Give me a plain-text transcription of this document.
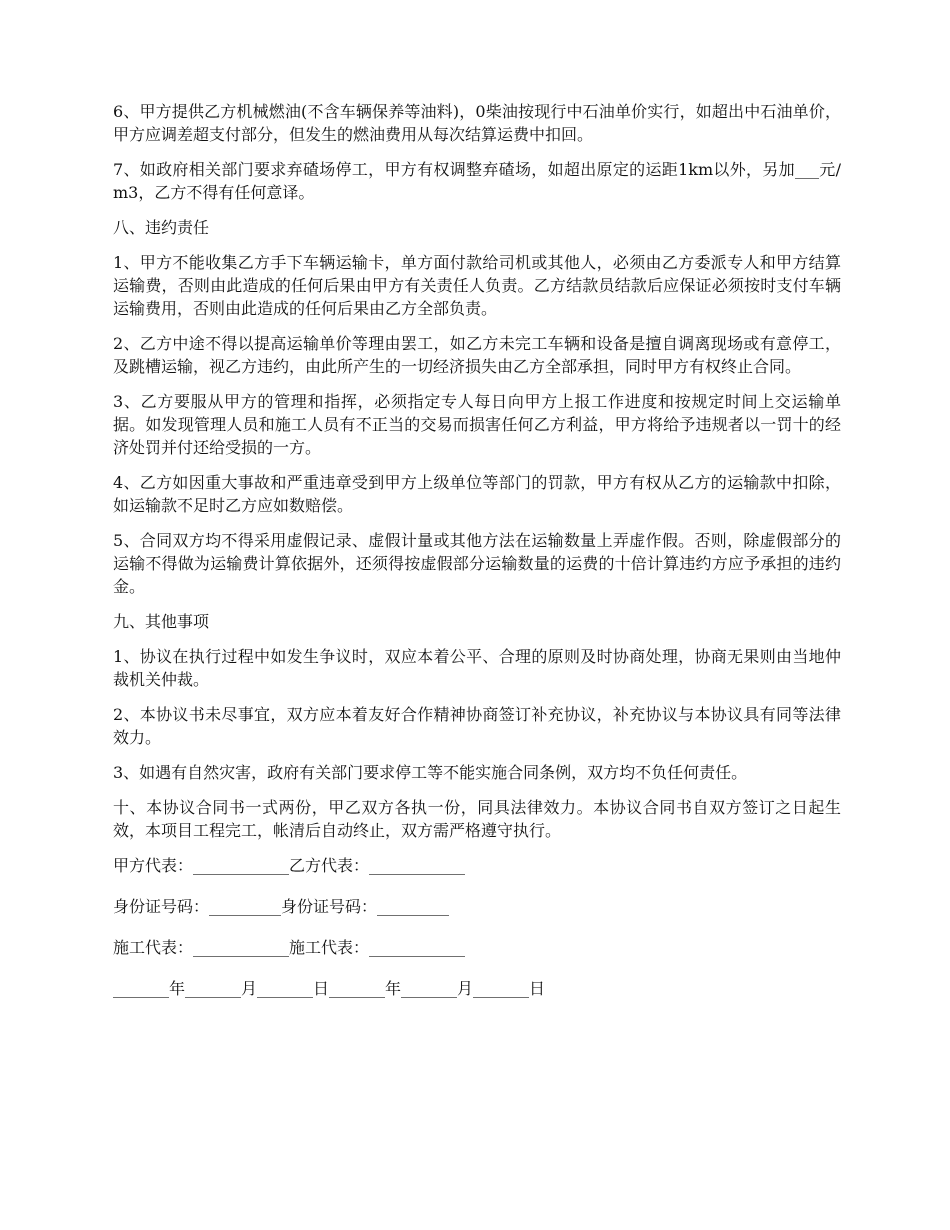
6、甲方提供乙方机械燃油(不含车辆保养等油料)，0柴油按现行中石油单价实行，如超出中石油单价，甲方应调差超支付部分，但发生的燃油费用从每次结算运费中扣回。

7、如政府相关部门要求弃碴场停工，甲方有权调整弃碴场，如超出原定的运距1km以外，另加___元/m3，乙方不得有任何意译。

八、违约责任

1、甲方不能收集乙方手下车辆运输卡，单方面付款给司机或其他人，必须由乙方委派专人和甲方结算运输费，否则由此造成的任何后果由甲方有关责任人负责。乙方结款员结款后应保证必须按时支付车辆运输费用，否则由此造成的任何后果由乙方全部负责。

2、乙方中途不得以提高运输单价等理由罢工，如乙方未完工车辆和设备是擅自调离现场或有意停工，及跳槽运输，视乙方违约，由此所产生的一切经济损失由乙方全部承担，同时甲方有权终止合同。

3、乙方要服从甲方的管理和指挥，必须指定专人每日向甲方上报工作进度和按规定时间上交运输单据。如发现管理人员和施工人员有不正当的交易而损害任何乙方利益，甲方将给予违规者以一罚十的经济处罚并付还给受损的一方。

4、乙方如因重大事故和严重违章受到甲方上级单位等部门的罚款，甲方有权从乙方的运输款中扣除，如运输款不足时乙方应如数赔偿。

5、合同双方均不得采用虚假记录、虚假计量或其他方法在运输数量上弄虚作假。否则，除虚假部分的运输不得做为运输费计算依据外，还须得按虚假部分运输数量的运费的十倍计算违约方应予承担的违约金。

九、其他事项

1、协议在执行过程中如发生争议时，双应本着公平、合理的原则及时协商处理，协商无果则由当地仲裁机关仲裁。

2、本协议书未尽事宜，双方应本着友好合作精神协商签订补充协议，补充协议与本协议具有同等法律效力。

3、如遇有自然灾害，政府有关部门要求停工等不能实施合同条例，双方均不负任何责任。

十、本协议合同书一式两份，甲乙双方各执一份，同具法律效力。本协议合同书自双方签订之日起生效，本项目工程完工，帐清后自动终止，双方需严格遵守执行。

甲方代表：____________乙方代表：____________

身份证号码：_________身份证号码：_________

施工代表：____________施工代表：____________

_______年_______月_______日_______年_______月_______日
